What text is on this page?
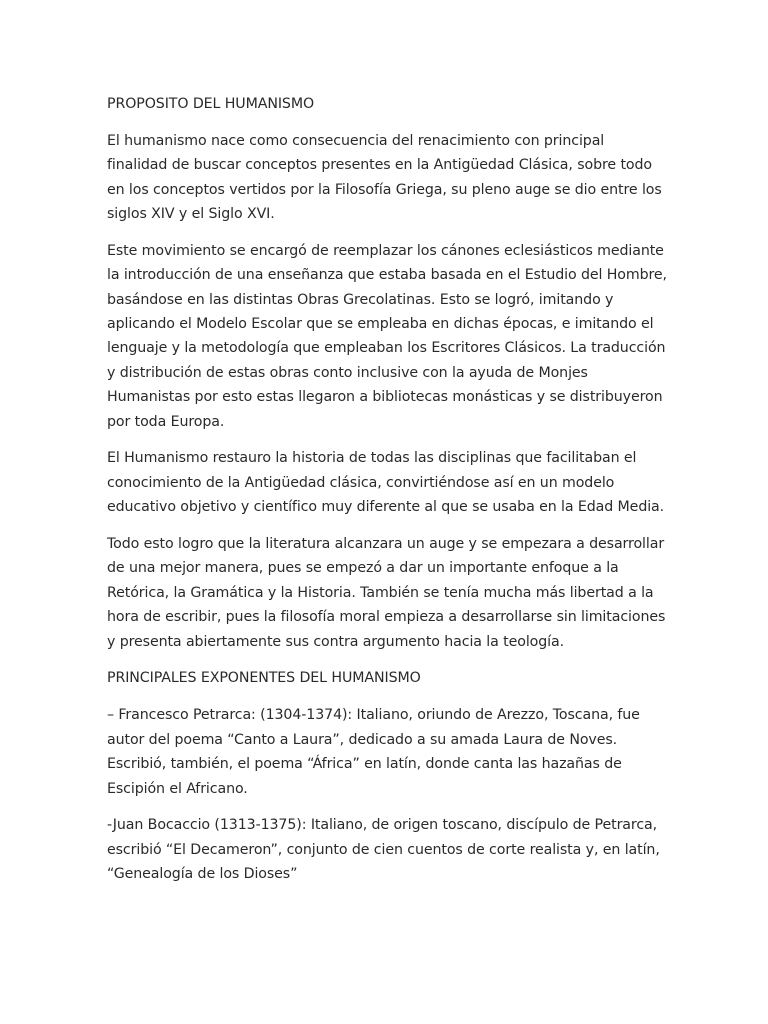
PROPOSITO DEL HUMANISMO

El humanismo nace como consecuencia del renacimiento con principal finalidad de buscar conceptos presentes en la Antigüedad Clásica, sobre todo en los conceptos vertidos por la Filosofía Griega, su pleno auge se dio entre los siglos XIV y el Siglo XVI.

Este movimiento se encargó de reemplazar los cánones eclesiásticos mediante la introducción de una enseñanza que estaba basada en el Estudio del Hombre, basándose en las distintas Obras Grecolatinas. Esto se logró, imitando y aplicando el Modelo Escolar que se empleaba en dichas épocas, e imitando el lenguaje y la metodología que empleaban los Escritores Clásicos. La traducción y distribución de estas obras conto inclusive con la ayuda de Monjes Humanistas por esto estas llegaron a bibliotecas monásticas y se distribuyeron por toda Europa.

El Humanismo restauro la historia de todas las disciplinas que facilitaban el conocimiento de la Antigüedad clásica, convirtiéndose así en un modelo educativo objetivo y científico muy diferente al que se usaba en la Edad Media.

Todo esto logro que la literatura alcanzara un auge y se empezara a desarrollar de una mejor manera, pues se empezó a dar un importante enfoque a la Retórica, la Gramática y la Historia. También se tenía mucha más libertad a la hora de escribir, pues la filosofía moral empieza a desarrollarse sin limitaciones y presenta abiertamente sus contra argumento hacia la teología.

PRINCIPALES EXPONENTES DEL HUMANISMO

– Francesco Petrarca: (1304-1374): Italiano, oriundo de Arezzo, Toscana, fue autor del poema “Canto a Laura”, dedicado a su amada Laura de Noves. Escribió, también, el poema “África” en latín, donde canta las hazañas de Escipión el Africano.

-Juan Bocaccio (1313-1375): Italiano, de origen toscano, discípulo de Petrarca, escribió “El Decameron”, conjunto de cien cuentos de corte realista y, en latín, “Genealogía de los Dioses”
